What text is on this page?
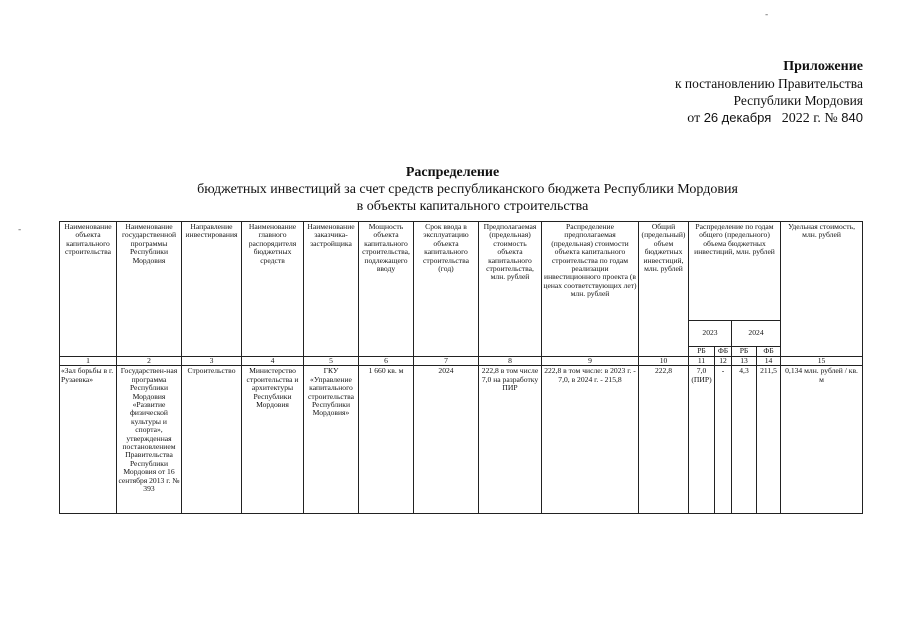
-
-
Приложение
к постановлению Правительства
Республики Мордовия
от 26 декабря 2022 г. № 840
Распределение
бюджетных инвестиций за счет средств республиканского бюджета Республики Мордовия
в объекты капитального строительства
Наименование объекта капитального строительства	Наименование государственной программы Республики Мордовия	Направление инвестирования	Наименование главного распорядителя бюджетных средств	Наименование заказчика-застройщика	Мощность объекта капитального строительства, подлежащего вводу	Срок ввода в эксплуатацию объекта капитального строительства (год)	Предполагаемая (предельная) стоимость объекта капитального строительства, млн. рублей	Распределение предполагаемая (предельная) стоимости объекта капитального строительства по годам реализации инвестиционного проекта (в ценах соответствующих лет) млн. рублей	Общий (предельный) объем бюджетных инвестиций, млн. рублей	Распределение по годам общего (предельного) объема бюджетных инвестиций, млн. рублей				Удельная стоимость, млн. рублей
										2023		2024		
										РБ	ФБ	РБ	ФБ	
1	2	3	4	5	6	7	8	9	10	11	12	13	14	15
«Зал борьбы в г. Рузаевка»	Государствен-ная программа Республики Мордовия «Развитие физической культуры и спорта», утвержденная постановлением Правительства Республики Мордовия от 16 сентября 2013 г. № 393	Строительство	Министерство строительства и архитектуры Республики Мордовия	ГКУ «Управление капитального строительства Республики Мордовия»	1 660 кв. м	2024	222,8 в том числе 7,0 на разработку ПИР	222,8 в том числе: в 2023 г. - 7,0, в 2024 г. - 215,8	222,8	7,0 (ПИР)	-	4,3	211,5	0,134 млн. рублей / кв. м
